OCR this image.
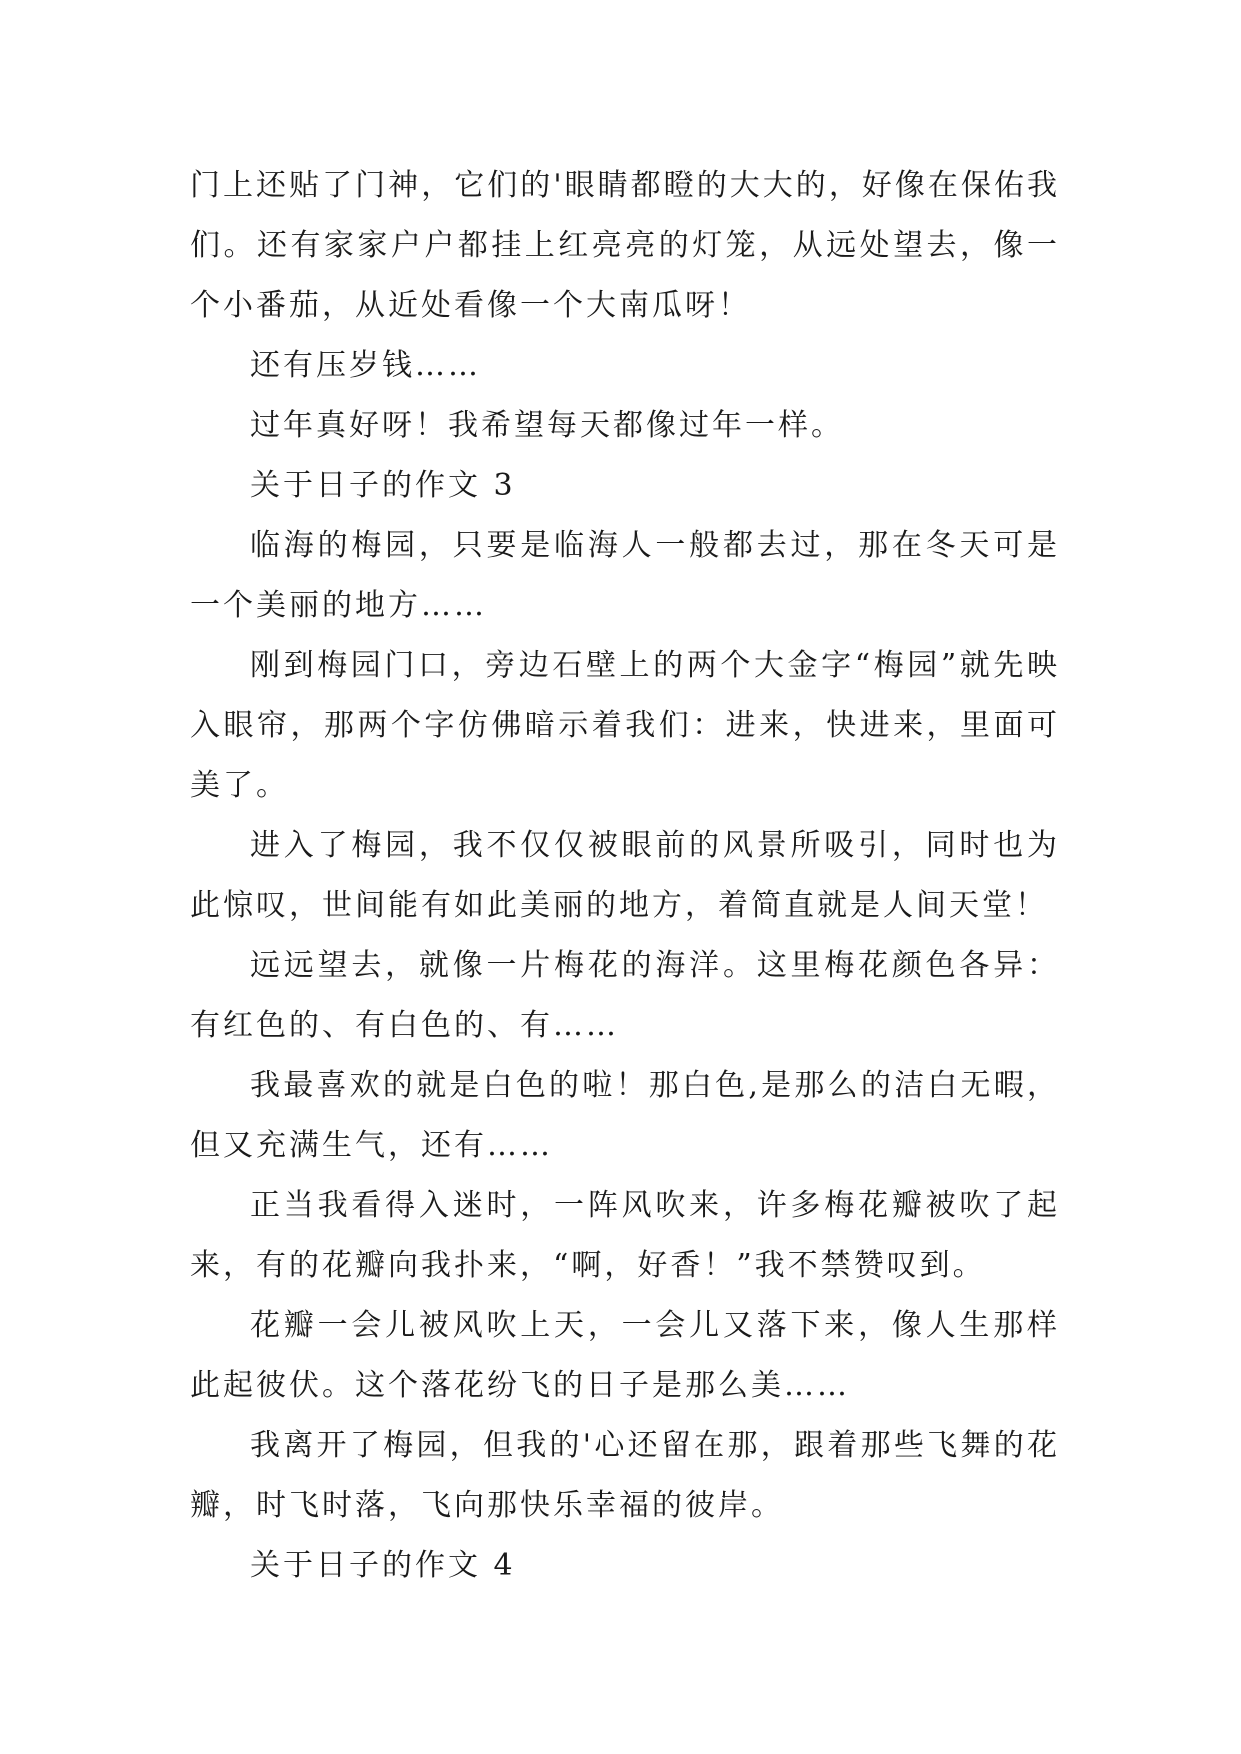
门上还贴了门神，它们的'眼睛都瞪的大大的，好像在保佑我们。还有家家户户都挂上红亮亮的灯笼，从远处望去，像一个小番茄，从近处看像一个大南瓜呀！

还有压岁钱……

过年真好呀！我希望每天都像过年一样。

关于日子的作文 3

临海的梅园，只要是临海人一般都去过，那在冬天可是一个美丽的地方……

刚到梅园门口，旁边石壁上的两个大金字“梅园”就先映入眼帘，那两个字仿佛暗示着我们：进来，快进来，里面可美了。

进入了梅园，我不仅仅被眼前的风景所吸引，同时也为此惊叹，世间能有如此美丽的地方，着简直就是人间天堂！

远远望去，就像一片梅花的海洋。这里梅花颜色各异：有红色的、有白色的、有……

我最喜欢的就是白色的啦！那白色,是那么的洁白无暇，但又充满生气，还有……

正当我看得入迷时，一阵风吹来，许多梅花瓣被吹了起来，有的花瓣向我扑来，“啊，好香！”我不禁赞叹到。

花瓣一会儿被风吹上天，一会儿又落下来，像人生那样此起彼伏。这个落花纷飞的日子是那么美……

我离开了梅园，但我的'心还留在那，跟着那些飞舞的花瓣，时飞时落，飞向那快乐幸福的彼岸。

关于日子的作文 4
